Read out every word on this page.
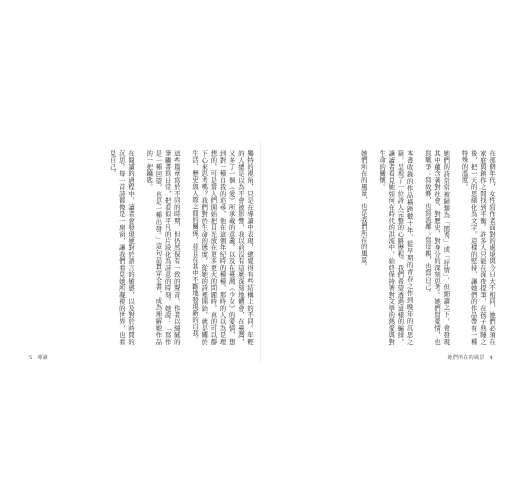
在那個年代，女性寫作者面對的處境與今日大不相同，她們必須在家庭與創作之間找到平衡。許多人只能在深夜提筆，在孩子熟睡之後，把一天的思緒化為文字。這樣的堅持，讓她們的作品帶有一種特殊的溫度。

她們的詩常常被歸類為「閨秀」或「抒情」，但細讀之下，會發現其中蘊含著對社會、對歷史、對身分的深刻思考。她們寫愛情，也寫戰爭；寫故鄉，也寫流離；寫母親，也寫自己。

本書收錄的作品橫跨數十年，從早期的青春之作到晚年的沉思之篇，呈現了一位詩人完整的心路歷程。我們希望透過這樣的編排，讓讀者看見她如何在時代的洪流中，始終保持著對文學的熱愛與對生命的關懷。

她們所在的風景，也是我們所在的風景。
獨特的視角，只是在導讀中表現，總覺得有些結構上的不同。年輕的人總是以為不會被影響，我以前沒有這麼深刻地體會，在臺灣，又多了一個《愛》所承載的意義。以及在臺灣《少女》的愛情，想到對一種自我的追尋，他在這個年紀時的種種，那時的人以為是理想的，可是當人們開始把目光放在更多更大的問題時，真的可以靜下心來思考嗎？我們對於生命的態度，從她的詩裡開始，就是關於生活、歷史與人際之間的關係，並且在其中不斷地發現新的自我。

這些篇章寫於不同的時期，但仍然保有一致的聲音。作者以細膩的筆觸書寫日常，把看似平凡的片段化為詩意的時刻。她說：「寫作是一種回望，也是一種出發。」這句話貫穿全書，成為理解她作品的一把鑰匙。

在閱讀的過程中，讀者會發現她對於語言的敏感，以及對於時間的沉思。每一首詩都像是一扇窗，讓我們看見她所凝視的世界，也看見自己。
5 導讀	她們所在的風景 4
